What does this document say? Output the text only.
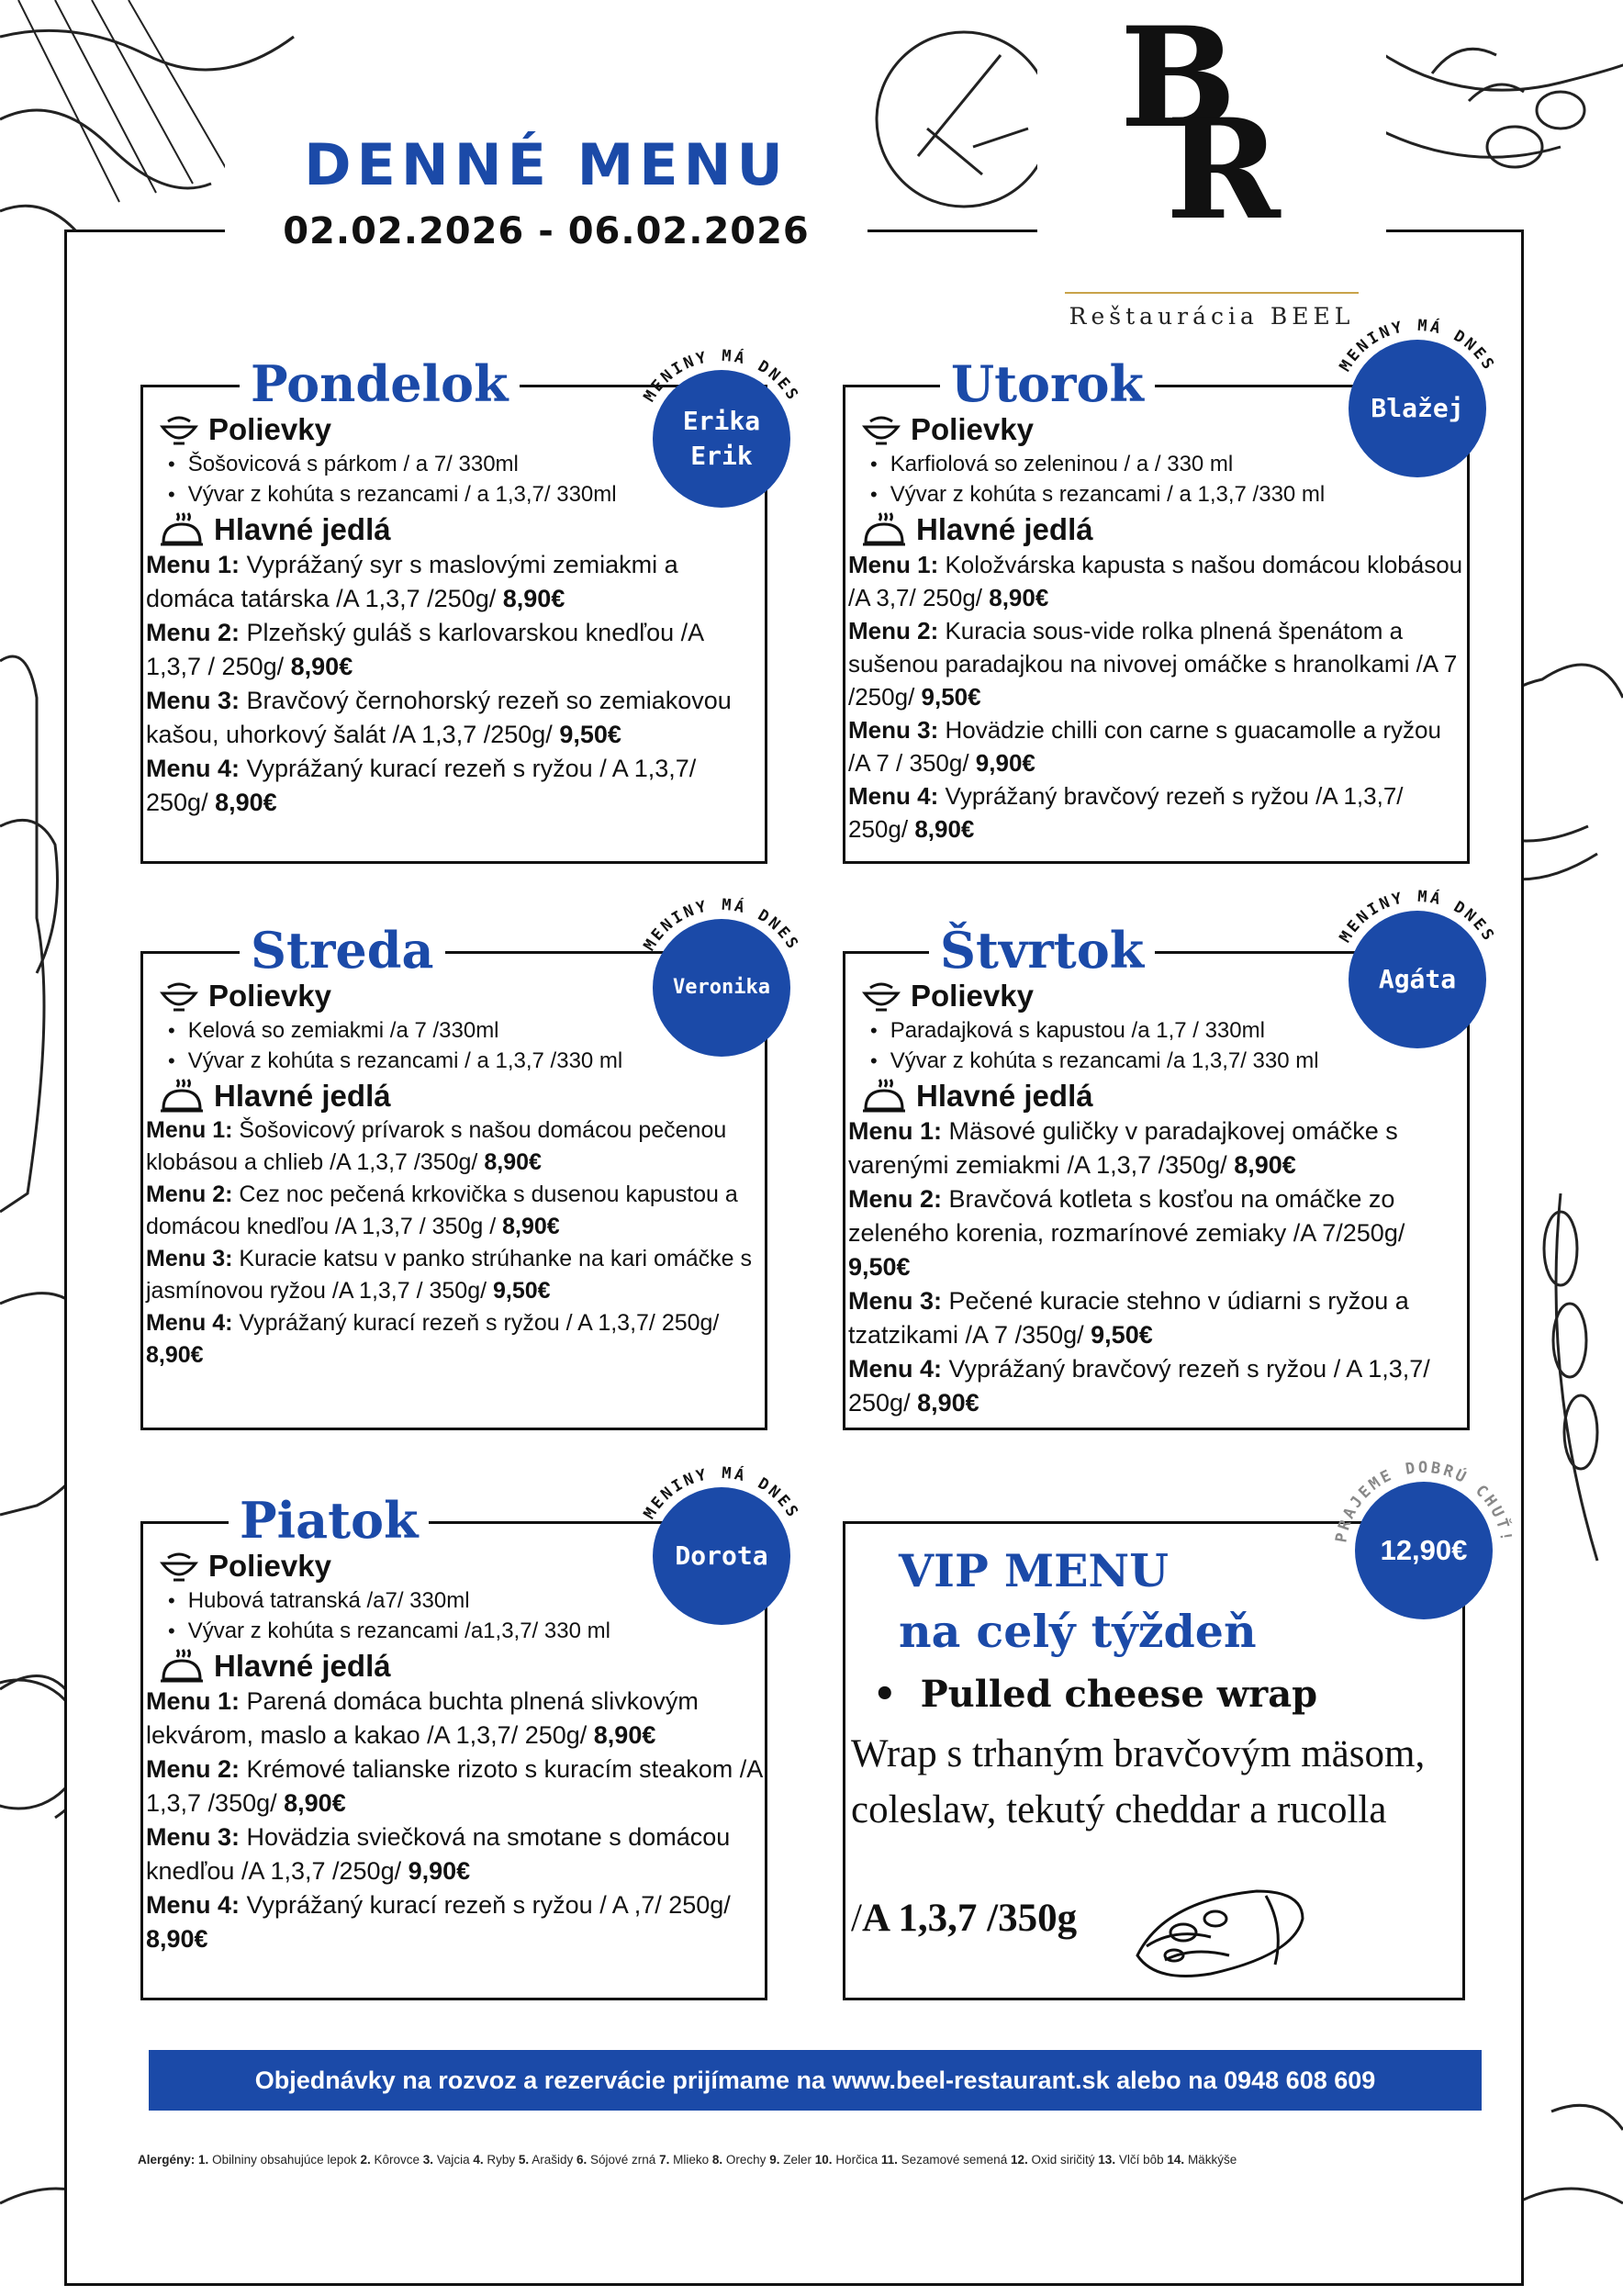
DENNÉ MENU
02.02.2026 - 06.02.2026
B
R
Reštaurácia BEEL
Pondelok
Polievky
• Šošovicová s párkom / a 7/ 330ml
• Vývar z kohúta s rezancami / a 1,3,7/ 330ml
Hlavné jedlá

Menu 1: Vyprážaný syr s maslovými zemiakmi a domáca tatárska /A 1,3,7 /250g/ 8,90€

Menu 2: Plzeňský guláš s karlovarskou knedľou /A 1,3,7 / 250g/ 8,90€

Menu 3: Bravčový černohorský rezeň so zemiakovou kašou, uhorkový šalát /A 1,3,7 /250g/ 9,50€

Menu 4: Vyprážaný kurací rezeň s ryžou / A 1,3,7/ 250g/ 8,90€

Utorok
Polievky
• Karfiolová so zeleninou / a / 330 ml
• Vývar z kohúta s rezancami / a 1,3,7 /330 ml
Hlavné jedlá

Menu 1: Koložvárska kapusta s našou domácou klobásou /A 3,7/ 250g/ 8,90€

Menu 2: Kuracia sous-vide rolka plnená špenátom a sušenou paradajkou na nivovej omáčke s hranolkami /A 7 /250g/ 9,50€

Menu 3: Hovädzie chilli con carne s guacamolle a ryžou /A 7 / 350g/ 9,90€

Menu 4: Vyprážaný bravčový rezeň s ryžou /A 1,3,7/ 250g/ 8,90€

Streda
Polievky
• Kelová so zemiakmi /a 7 /330ml
• Vývar z kohúta s rezancami / a 1,3,7 /330 ml
Hlavné jedlá

Menu 1: Šošovicový prívarok s našou domácou pečenou klobásou a chlieb /A 1,3,7 /350g/ 8,90€

Menu 2: Cez noc pečená krkovička s dusenou kapustou a domácou knedľou /A 1,3,7 / 350g / 8,90€

Menu 3: Kuracie katsu v panko strúhanke na kari omáčke s jasmínovou ryžou /A 1,3,7 / 350g/ 9,50€

Menu 4: Vyprážaný kurací rezeň s ryžou / A 1,3,7/ 250g/ 8,90€

Štvrtok
Polievky
• Paradajková s kapustou /a 1,7 / 330ml
• Vývar z kohúta s rezancami /a 1,3,7/ 330 ml
Hlavné jedlá

Menu 1: Mäsové guličky v paradajkovej omáčke s varenými zemiakmi /A 1,3,7 /350g/ 8,90€

Menu 2: Bravčová kotleta s kosťou na omáčke zo zeleného korenia, rozmarínové zemiaky /A 7/250g/ 9,50€

Menu 3: Pečené kuracie stehno v údiarni s ryžou a tzatzikami /A 7 /350g/ 9,50€

Menu 4: Vyprážaný bravčový rezeň s ryžou / A 1,3,7/ 250g/ 8,90€

Piatok
Polievky
• Hubová tatranská /a7/ 330ml
• Vývar z kohúta s rezancami /a1,3,7/ 330 ml
Hlavné jedlá

Menu 1: Parená domáca buchta plnená slivkovým lekvárom, maslo a kakao /A 1,3,7/ 250g/ 8,90€

Menu 2: Krémové talianske rizoto s kuracím steakom /A 1,3,7 /350g/ 8,90€

Menu 3: Hovädzia sviečková na smotane s domácou knedľou /A 1,3,7 /250g/ 9,90€

Menu 4: Vyprážaný kurací rezeň s ryžou / A ,7/ 250g/ 8,90€

Erika
Erik
Blažej
Veronika	Agáta
Dorota
MENINY MÁ DNES
MENINY MÁ DNES
MENINY MÁ DNES	MENINY MÁ DNES
MENINY MÁ DNES
VIP MENU
na celý týždeň
• Pulled cheese wrap
Wrap s trhaným bravčovým mäsom, coleslaw, tekutý cheddar a rucolla
/A 1,3,7 /350g
12,90€
PRAJEME DOBRÚ CHUŤ!
Objednávky na rozvoz a rezervácie prijímame na www.beel-restaurant.sk alebo na 0948 608 609
Alergény: 1. Obilniny obsahujúce lepok 2. Kôrovce 3. Vajcia 4. Ryby 5. Arašidy 6. Sójové zrná 7. Mlieko 8. Orechy 9. Zeler 10. Horčica 11. Sezamové semená 12. Oxid siričitý 13. Vlčí bôb 14. Mäkkýše
